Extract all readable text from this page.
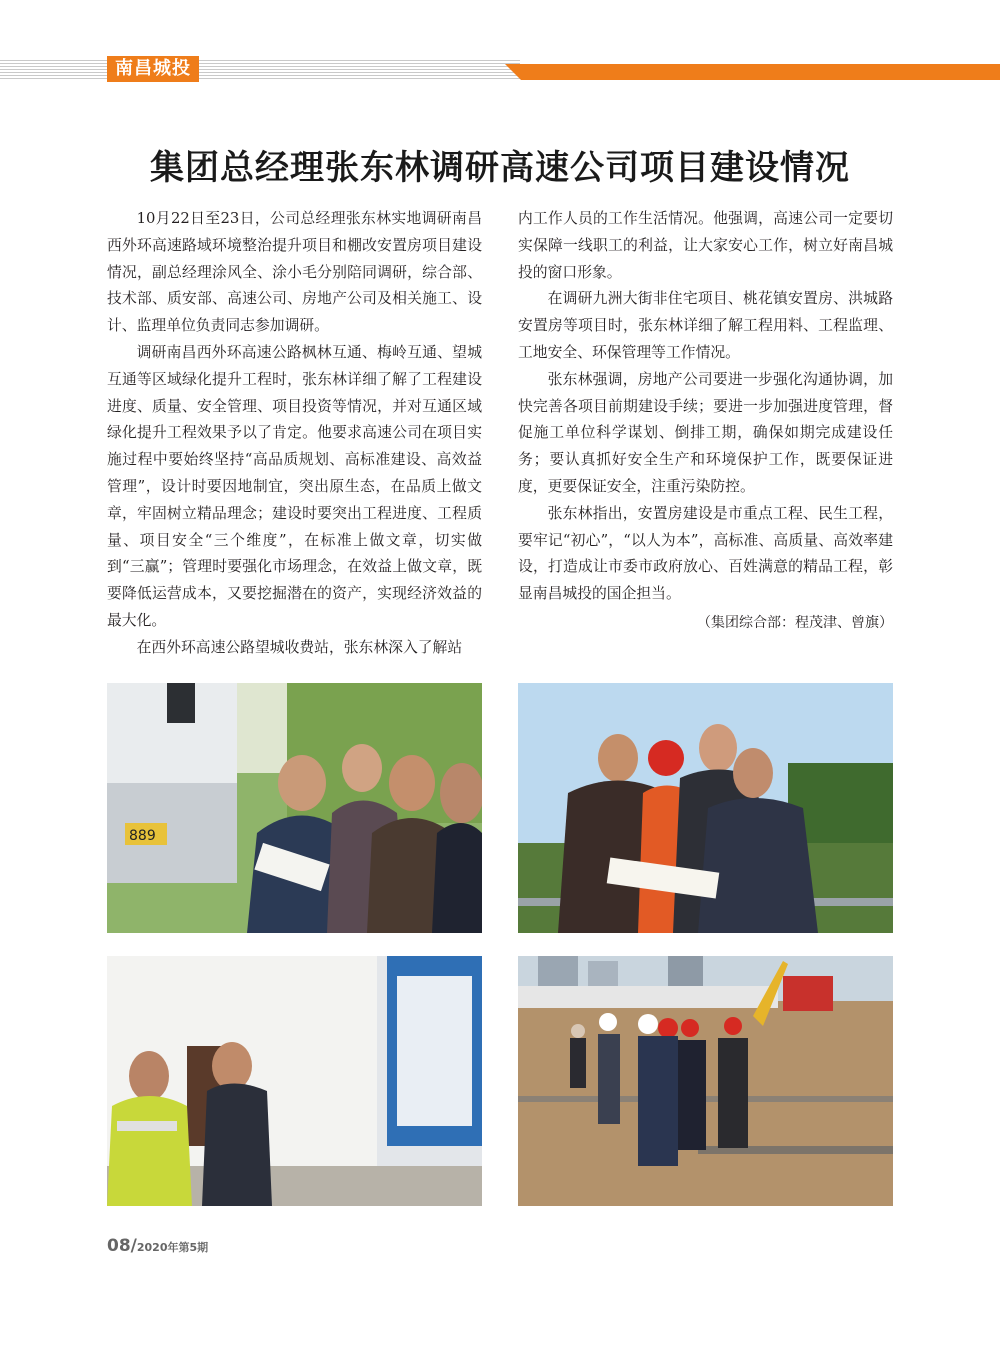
南昌城投
集团总经理张东林调研高速公司项目建设情况

10月22日至23日，公司总经理张东林实地调研南昌西外环高速路域环境整治提升项目和棚改安置房项目建设情况，副总经理涂风全、涂小毛分别陪同调研，综合部、技术部、质安部、高速公司、房地产公司及相关施工、设计、监理单位负责同志参加调研。

调研南昌西外环高速公路枫林互通、梅岭互通、望城互通等区域绿化提升工程时，张东林详细了解了工程建设进度、质量、安全管理、项目投资等情况，并对互通区域绿化提升工程效果予以了肯定。他要求高速公司在项目实施过程中要始终坚持“高品质规划、高标准建设、高效益管理”，设计时要因地制宜，突出原生态，在品质上做文章，牢固树立精品理念；建设时要突出工程进度、工程质量、项目安全“三个维度”，在标准上做文章，切实做到“三赢”；管理时要强化市场理念，在效益上做文章，既要降低运营成本，又要挖掘潜在的资产，实现经济效益的最大化。

在西外环高速公路望城收费站，张东林深入了解站

内工作人员的工作生活情况。他强调，高速公司一定要切实保障一线职工的利益，让大家安心工作，树立好南昌城投的窗口形象。

在调研九洲大街非住宅项目、桃花镇安置房、洪城路安置房等项目时，张东林详细了解工程用料、工程监理、工地安全、环保管理等工作情况。

张东林强调，房地产公司要进一步强化沟通协调，加快完善各项目前期建设手续；要进一步加强进度管理，督促施工单位科学谋划、倒排工期，确保如期完成建设任务；要认真抓好安全生产和环境保护工作，既要保证进度，更要保证安全，注重污染防控。

张东林指出，安置房建设是市重点工程、民生工程，要牢记“初心”，“以人为本”，高标准、高质量、高效率建设，打造成让市委市政府放心、百姓满意的精品工程，彰显南昌城投的国企担当。

（集团综合部：程茂津、曾旗）

889
08/2020年第5期
